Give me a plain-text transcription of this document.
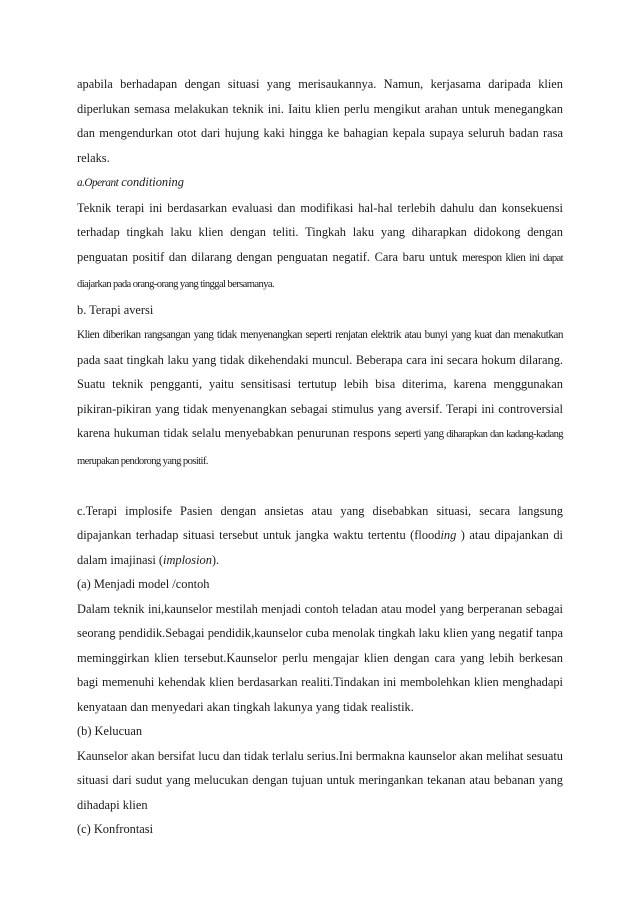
apabila berhadapan dengan situasi yang merisaukannya. Namun, kerjasama daripada klien diperlukan semasa melakukan teknik ini. Iaitu klien perlu mengikut arahan untuk menegangkan dan mengendurkan otot dari hujung kaki hingga ke bahagian kepala supaya seluruh badan rasa relaks.

a.Operant conditioning

Teknik terapi ini berdasarkan evaluasi dan modifikasi hal-hal terlebih dahulu dan konsekuensi terhadap tingkah laku klien dengan teliti. Tingkah laku yang diharapkan didokong dengan penguatan positif dan dilarang dengan penguatan negatif. Cara baru untuk merespon klien ini dapat diajarkan pada orang-orang yang tinggal bersamanya.

b. Terapi aversi

Klien diberikan rangsangan yang tidak menyenangkan seperti renjatan elektrik atau bunyi yang kuat dan menakutkan pada saat tingkah laku yang tidak dikehendaki muncul. Beberapa cara ini secara hokum dilarang. Suatu teknik pengganti, yaitu sensitisasi tertutup lebih bisa diterima, karena menggunakan pikiran-pikiran yang tidak menyenangkan sebagai stimulus yang aversif. Terapi ini controversial karena hukuman tidak selalu menyebabkan penurunan respons seperti yang diharapkan dan kadang-kadang merupakan pendorong yang positif.

c.Terapi implosife Pasien dengan ansietas atau yang disebabkan situasi, secara langsung dipajankan terhadap situasi tersebut untuk jangka waktu tertentu (flooding ) atau dipajankan di dalam imajinasi (implosion).

(a) Menjadi model /contoh

Dalam teknik ini,kaunselor mestilah menjadi contoh teladan atau model yang berperanan sebagai seorang pendidik.Sebagai pendidik,kaunselor cuba menolak tingkah laku klien yang negatif tanpa meminggirkan klien tersebut.Kaunselor perlu mengajar klien dengan cara yang lebih berkesan bagi memenuhi kehendak klien berdasarkan realiti.Tindakan ini membolehkan klien menghadapi kenyataan dan menyedari akan tingkah lakunya yang tidak realistik.

(b) Kelucuan

Kaunselor akan bersifat lucu dan tidak terlalu serius.Ini bermakna kaunselor akan melihat sesuatu situasi dari sudut yang melucukan dengan tujuan untuk meringankan tekanan atau bebanan yang dihadapi klien

(c) Konfrontasi
